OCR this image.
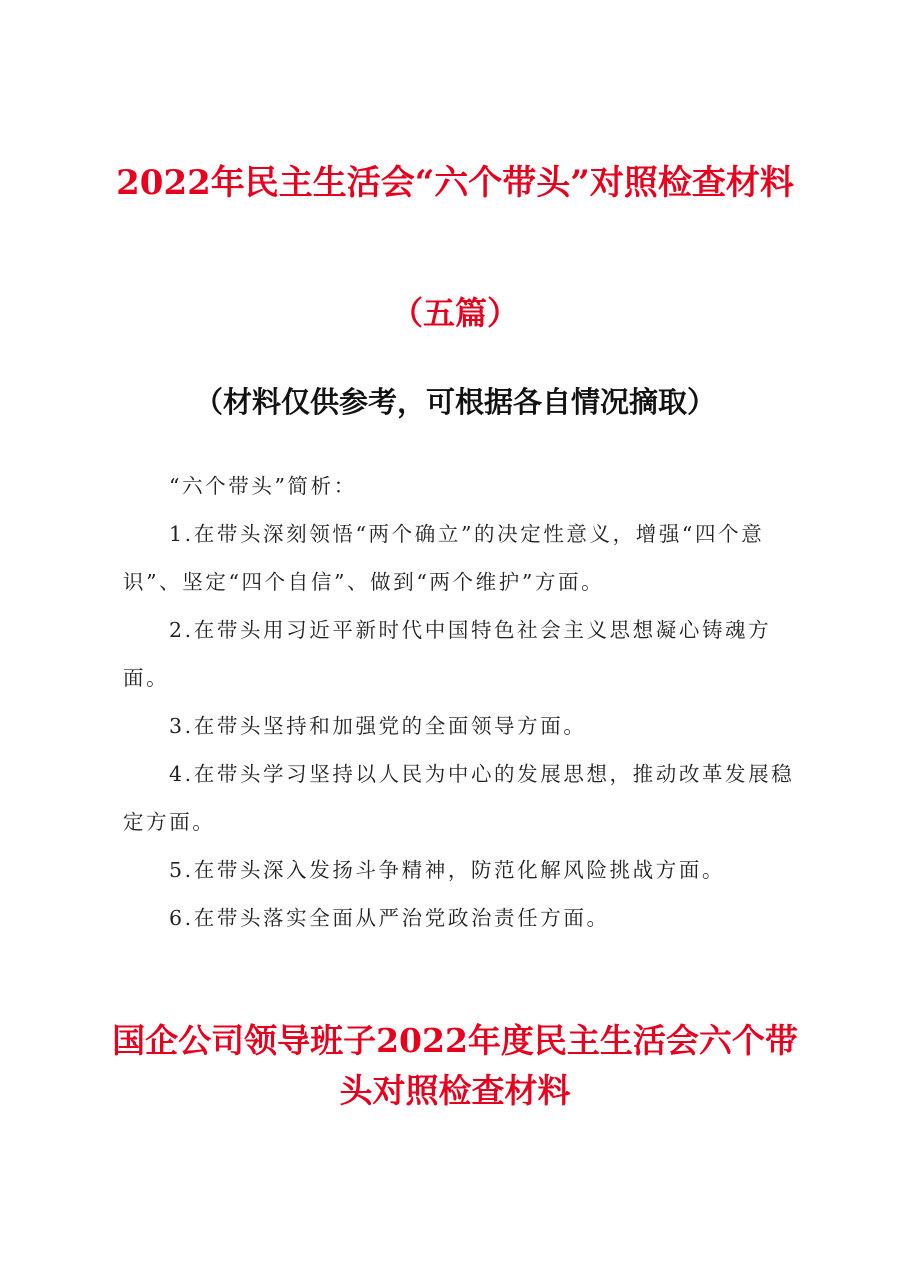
2022年民主生活会“六个带头”对照检查材料
（五篇）
（材料仅供参考，可根据各自情况摘取）

“六个带头”简析：

1.在带头深刻领悟“两个确立”的决定性意义，增强“四个意识”、坚定“四个自信”、做到“两个维护”方面。

2.在带头用习近平新时代中国特色社会主义思想凝心铸魂方面。

3.在带头坚持和加强党的全面领导方面。

4.在带头学习坚持以人民为中心的发展思想，推动改革发展稳定方面。

5.在带头深入发扬斗争精神，防范化解风险挑战方面。

6.在带头落实全面从严治党政治责任方面。

国企公司领导班子2022年度民主生活会六个带头对照检查材料
